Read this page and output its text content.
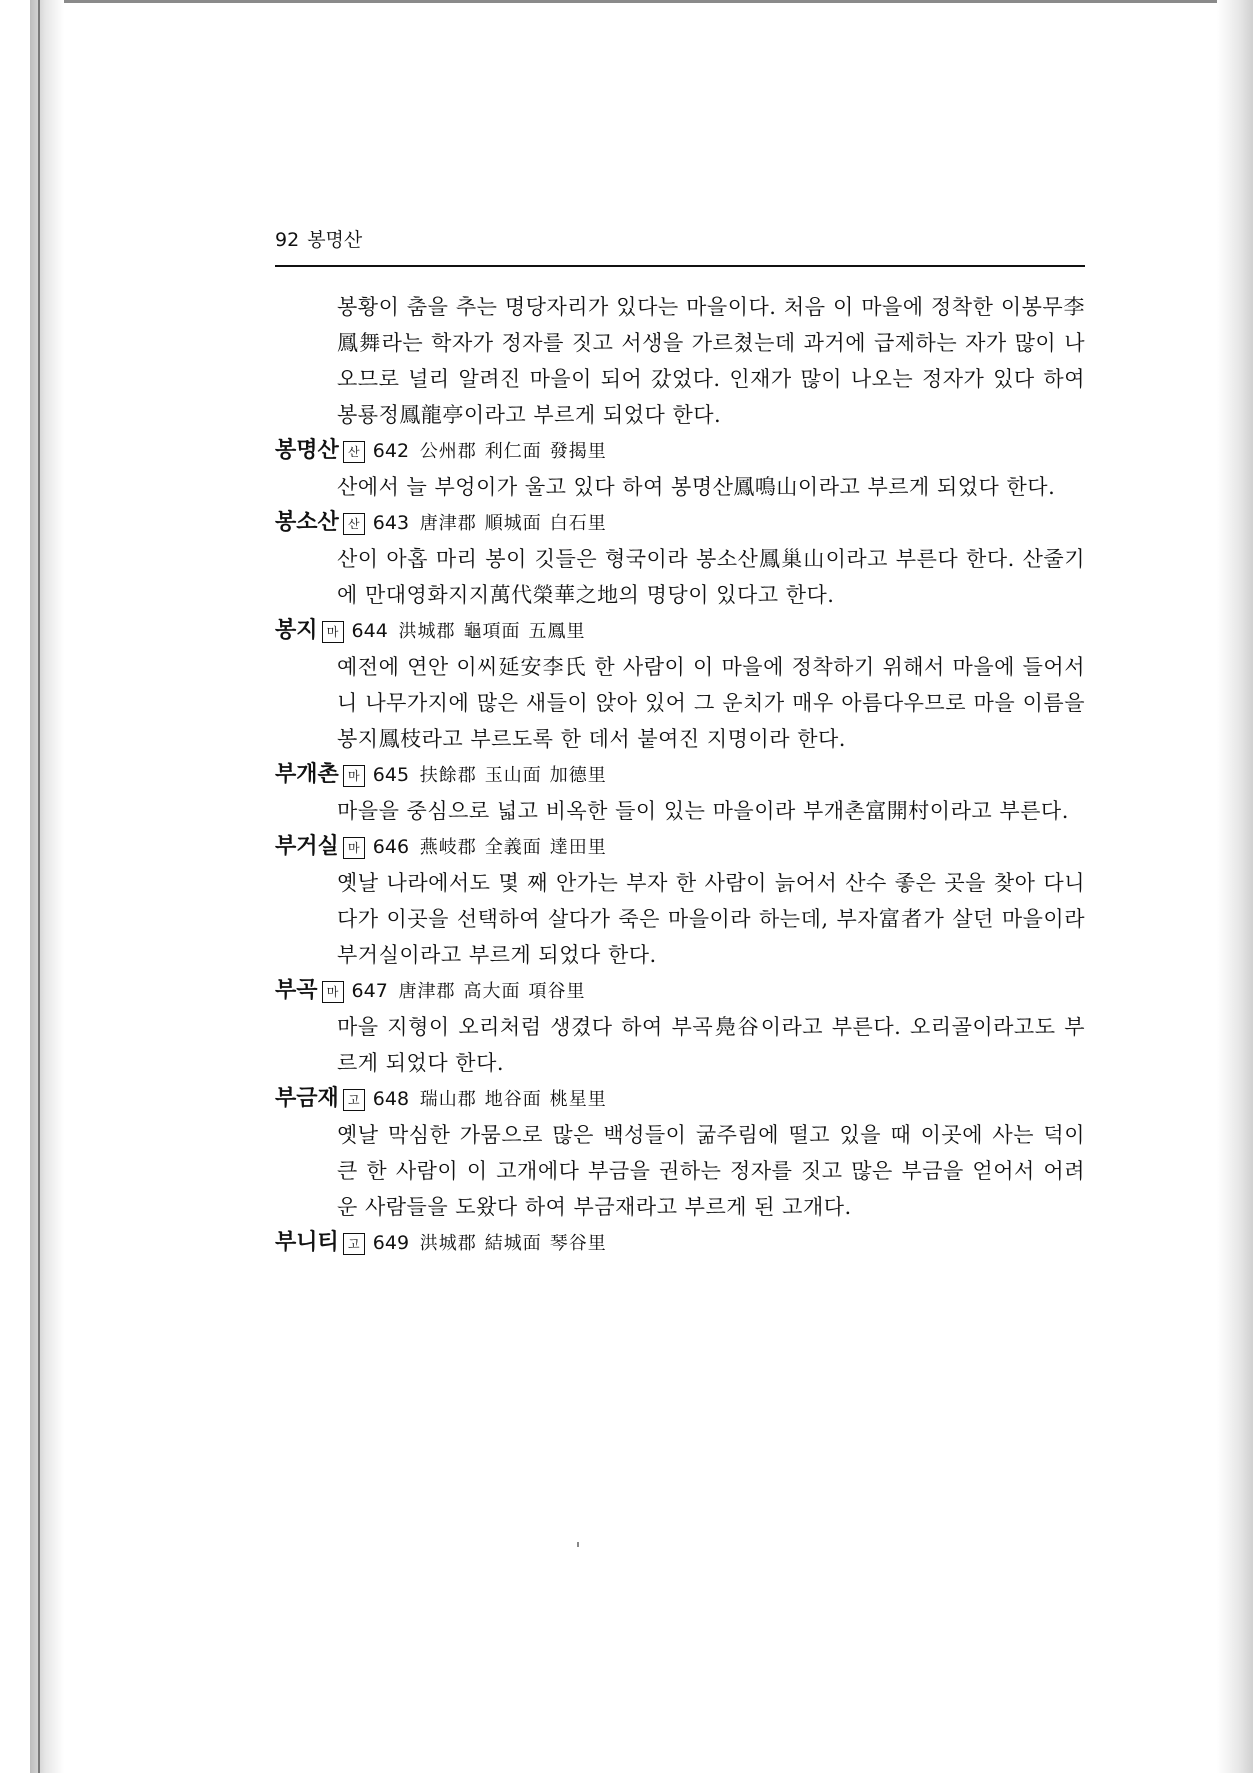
92 봉명산
봉황이 춤을 추는 명당자리가 있다는 마을이다. 처음 이 마을에 정착한 이봉무李鳳舞라는 학자가 정자를 짓고 서생을 가르쳤는데 과거에 급제하는 자가 많이 나오므로 널리 알려진 마을이 되어 갔었다. 인재가 많이 나오는 정자가 있다 하여 봉룡정鳳龍亭이라고 부르게 되었다 한다.
봉명산 산 642 公州郡 利仁面 發揭里
산에서 늘 부엉이가 울고 있다 하여 봉명산鳳鳴山이라고 부르게 되었다 한다.
봉소산 산 643 唐津郡 順城面 白石里
산이 아홉 마리 봉이 깃들은 형국이라 봉소산鳳巢山이라고 부른다 한다. 산줄기에 만대영화지지萬代榮華之地의 명당이 있다고 한다.
봉지 마 644 洪城郡 龜項面 五鳳里
예전에 연안 이씨延安李氏 한 사람이 이 마을에 정착하기 위해서 마을에 들어서니 나무가지에 많은 새들이 앉아 있어 그 운치가 매우 아름다우므로 마을 이름을 봉지鳳枝라고 부르도록 한 데서 붙여진 지명이라 한다.
부개촌 마 645 扶餘郡 玉山面 加德里
마을을 중심으로 넓고 비옥한 들이 있는 마을이라 부개촌富開村이라고 부른다.
부거실 마 646 燕岐郡 全義面 達田里
옛날 나라에서도 몇 째 안가는 부자 한 사람이 늙어서 산수 좋은 곳을 찾아 다니다가 이곳을 선택하여 살다가 죽은 마을이라 하는데, 부자富者가 살던 마을이라 부거실이라고 부르게 되었다 한다.
부곡 마 647 唐津郡 高大面 項谷里
마을 지형이 오리처럼 생겼다 하여 부곡鳧谷이라고 부른다. 오리골이라고도 부르게 되었다 한다.
부금재 고 648 瑞山郡 地谷面 桃星里
옛날 막심한 가뭄으로 많은 백성들이 굶주림에 떨고 있을 때 이곳에 사는 덕이 큰 한 사람이 이 고개에다 부금을 권하는 정자를 짓고 많은 부금을 얻어서 어려운 사람들을 도왔다 하여 부금재라고 부르게 된 고개다.
부니티 고 649 洪城郡 結城面 琴谷里
